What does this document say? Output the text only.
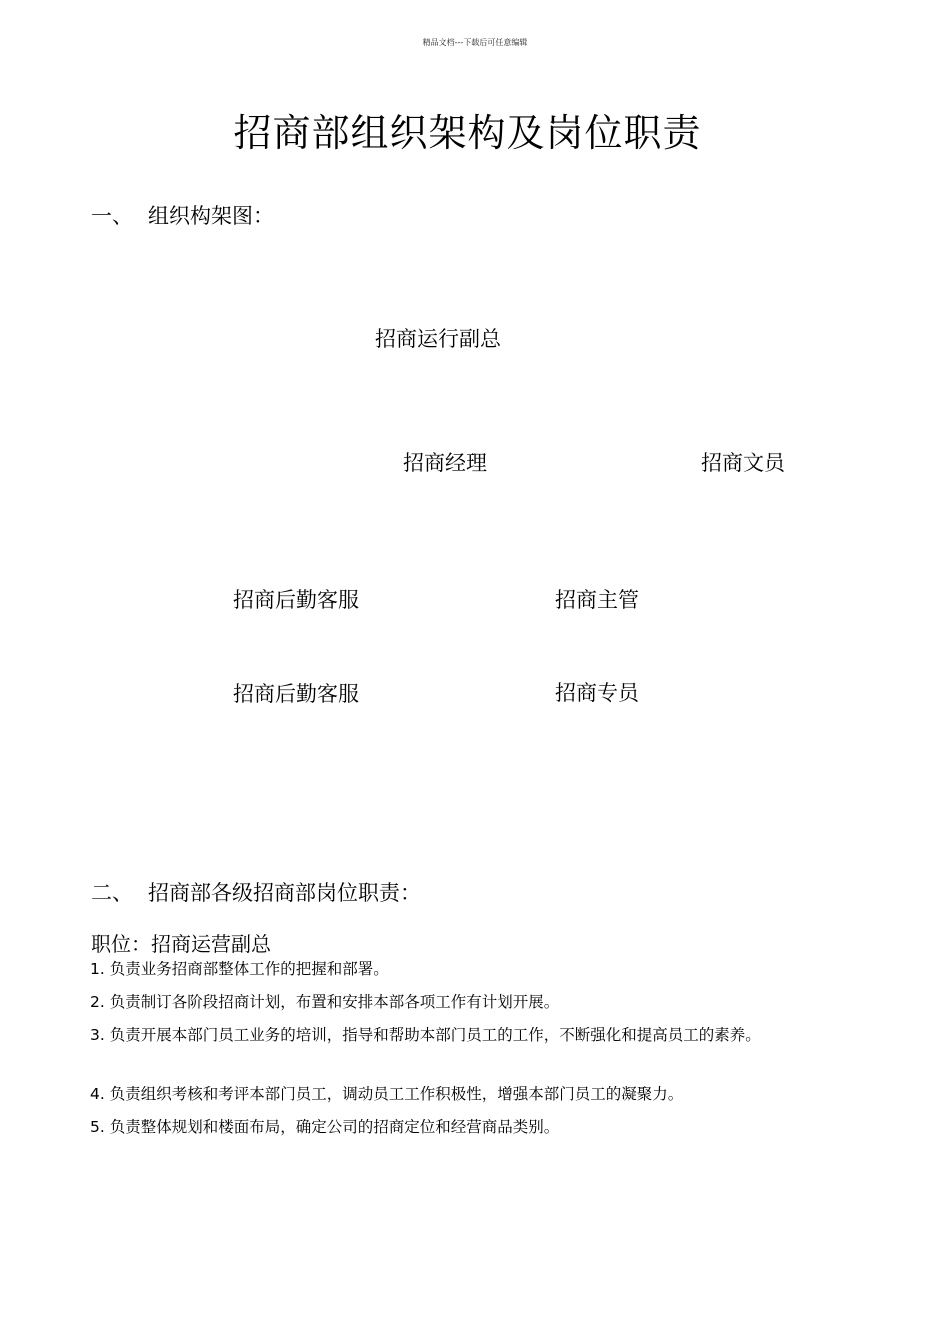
精品文档---下载后可任意编辑
招商部组织架构及岗位职责
一、 组织构架图：
招商运行副总
招商经理	招商文员
招商后勤客服	招商主管
招商后勤客服	招商专员
二、 招商部各级招商部岗位职责：
职位：招商运营副总
1. 负责业务招商部整体工作的把握和部署。
2. 负责制订各阶段招商计划，布置和安排本部各项工作有计划开展。
3. 负责开展本部门员工业务的培训，指导和帮助本部门员工的工作，不断强化和提高员工的素养。
4. 负责组织考核和考评本部门员工，调动员工工作积极性，增强本部门员工的凝聚力。
5. 负责整体规划和楼面布局，确定公司的招商定位和经营商品类别。
